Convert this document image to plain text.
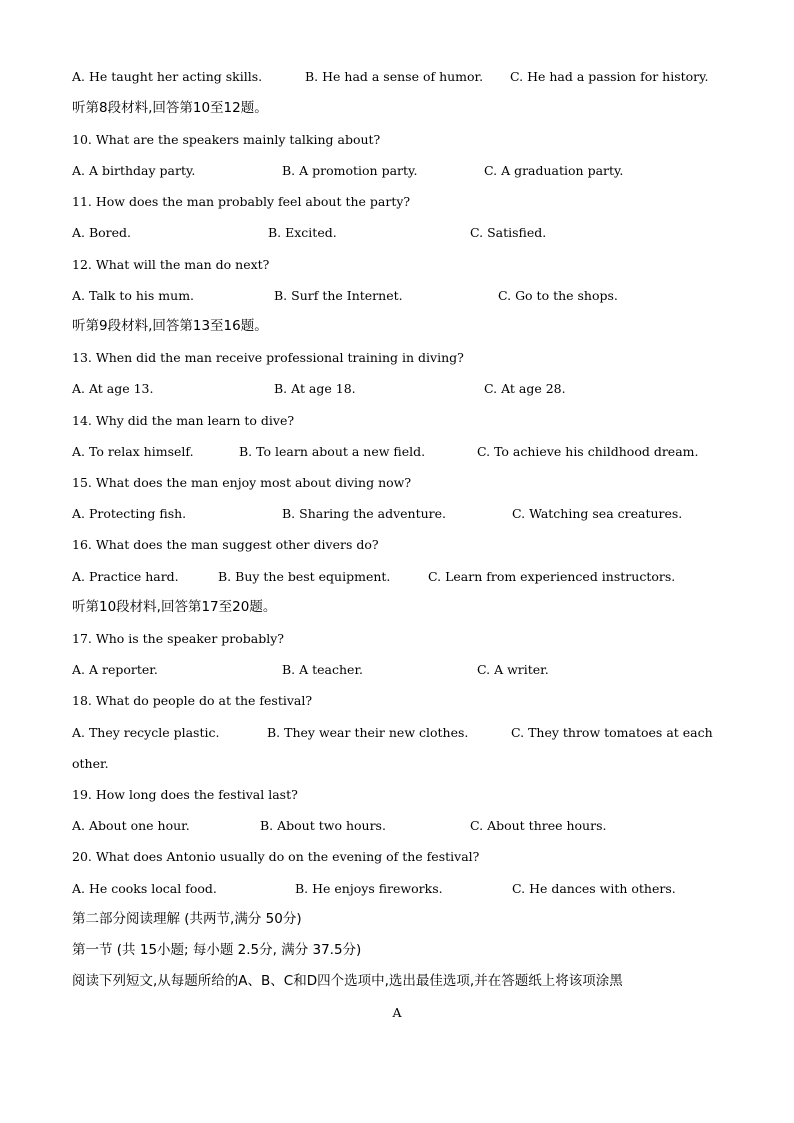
A. He taught her acting skills.	B. He had a sense of humor. C. He had a passion for history.
听第8段材料,回答第10至12题。
10. What are the speakers mainly talking about?
A. A birthday party.	B. A promotion party.	C. A graduation party.
11. How does the man probably feel about the party?
A. Bored.	B. Excited.	C. Satisfied.
12. What will the man do next?
A. Talk to his mum.	B. Surf the Internet.	C. Go to the shops.
听第9段材料,回答第13至16题。
13. When did the man receive professional training in diving?
A. At age 13.	B. At age 18.	C. At age 28.
14. Why did the man learn to dive?
A. To relax himself.	B. To learn about a new field.	C. To achieve his childhood dream.
15. What does the man enjoy most about diving now?
A. Protecting fish.	B. Sharing the adventure.	C. Watching sea creatures.
16. What does the man suggest other divers do?
A. Practice hard.	B. Buy the best equipment.	C. Learn from experienced instructors.
听第10段材料,回答第17至20题。
17. Who is the speaker probably?
A. A reporter.	B. A teacher.	C. A writer.
18. What do people do at the festival?
A. They recycle plastic.	B. They wear their new clothes.	C. They throw tomatoes at each
other.
19. How long does the festival last?
A. About one hour.	B. About two hours.	C. About three hours.
20. What does Antonio usually do on the evening of the festival?
A. He cooks local food.	B. He enjoys fireworks.	C. He dances with others.
第二部分阅读理解 (共两节,满分 50分)
第一节 (共 15小题; 每小题 2.5分, 满分 37.5分)
阅读下列短文,从每题所给的A、B、C和D四个选项中,选出最佳选项,并在答题纸上将该项涂黑
A
